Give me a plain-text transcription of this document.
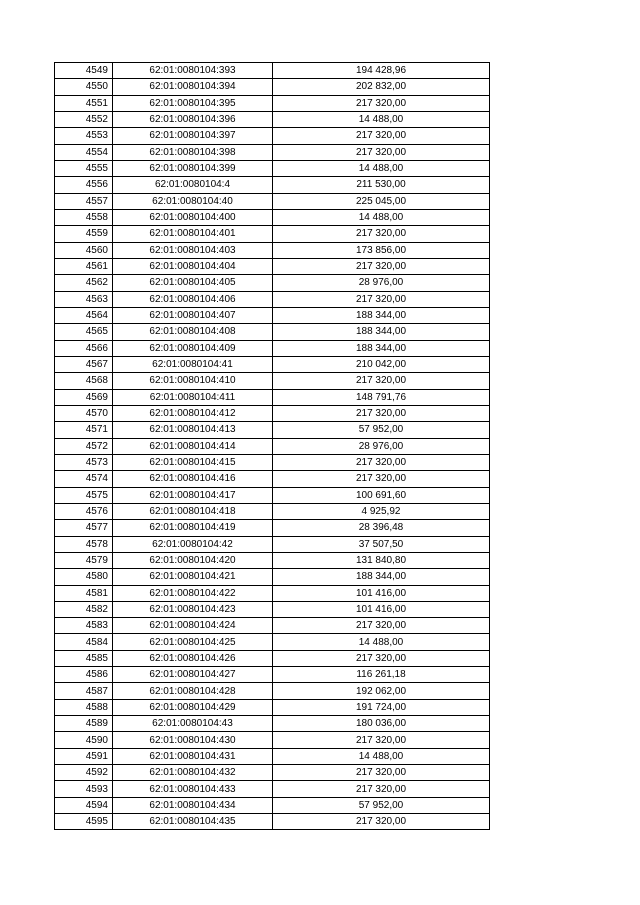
4549	62:01:0080104:393	194 428,96
4550	62:01:0080104:394	202 832,00
4551	62:01:0080104:395	217 320,00
4552	62:01:0080104:396	14 488,00
4553	62:01:0080104:397	217 320,00
4554	62:01:0080104:398	217 320,00
4555	62:01:0080104:399	14 488,00
4556	62:01:0080104:4	211 530,00
4557	62:01:0080104:40	225 045,00
4558	62:01:0080104:400	14 488,00
4559	62:01:0080104:401	217 320,00
4560	62:01:0080104:403	173 856,00
4561	62:01:0080104:404	217 320,00
4562	62:01:0080104:405	28 976,00
4563	62:01:0080104:406	217 320,00
4564	62:01:0080104:407	188 344,00
4565	62:01:0080104:408	188 344,00
4566	62:01:0080104:409	188 344,00
4567	62:01:0080104:41	210 042,00
4568	62:01:0080104:410	217 320,00
4569	62:01:0080104:411	148 791,76
4570	62:01:0080104:412	217 320,00
4571	62:01:0080104:413	57 952,00
4572	62:01:0080104:414	28 976,00
4573	62:01:0080104:415	217 320,00
4574	62:01:0080104:416	217 320,00
4575	62:01:0080104:417	100 691,60
4576	62:01:0080104:418	4 925,92
4577	62:01:0080104:419	28 396,48
4578	62:01:0080104:42	37 507,50
4579	62:01:0080104:420	131 840,80
4580	62:01:0080104:421	188 344,00
4581	62:01:0080104:422	101 416,00
4582	62:01:0080104:423	101 416,00
4583	62:01:0080104:424	217 320,00
4584	62:01:0080104:425	14 488,00
4585	62:01:0080104:426	217 320,00
4586	62:01:0080104:427	116 261,18
4587	62:01:0080104:428	192 062,00
4588	62:01:0080104:429	191 724,00
4589	62:01:0080104:43	180 036,00
4590	62:01:0080104:430	217 320,00
4591	62:01:0080104:431	14 488,00
4592	62:01:0080104:432	217 320,00
4593	62:01:0080104:433	217 320,00
4594	62:01:0080104:434	57 952,00
4595	62:01:0080104:435	217 320,00
